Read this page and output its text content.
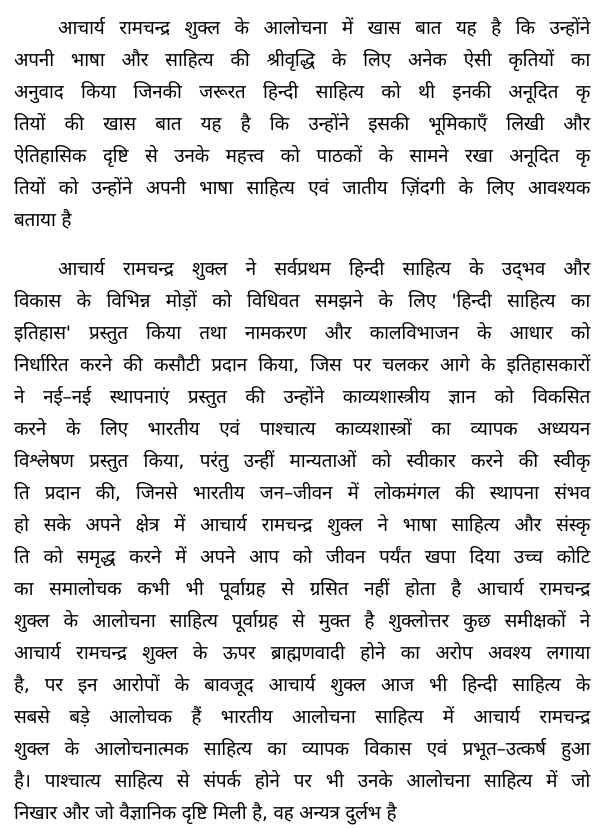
आचार्य रामचन्द्र शुक्ल के आलोचना में खास बात यह है कि उन्होंने
अपनी भाषा और साहित्य की श्रीवृद्धि के लिए अनेक ऐसी कृतियों का
अनुवाद किया जिनकी जरूरत हिन्दी साहित्य को थी इनकी अनूदित कृ
तियों की खास बात यह है कि उन्होंने इसकी भूमिकाएँ लिखी और
ऐतिहासिक दृष्टि से उनके महत्त्व को पाठकों के सामने रखा अनूदित कृ
तियों को उन्होंने अपनी भाषा साहित्य एवं जातीय ज़िंदगी के लिए आवश्यक
बताया है
आचार्य रामचन्द्र शुक्ल ने सर्वप्रथम हिन्दी साहित्य के उद्‌भव और
विकास के विभिन्न मोड़ों को विधिवत समझने के लिए 'हिन्दी साहित्य का
इतिहास' प्रस्तुत किया तथा नामकरण और कालविभाजन के आधार को
निर्धारित करने की कसौटी प्रदान किया, जिस पर चलकर आगे के इतिहासकारों
ने नई–नई स्थापनाएं प्रस्तुत की उन्होंने काव्यशास्त्रीय ज्ञान को विकसित
करने के लिए भारतीय एवं पाश्चात्य काव्यशास्त्रों का व्यापक अध्ययन
विश्लेषण प्रस्तुत किया, परंतु उन्हीं मान्यताओं को स्वीकार करने की स्वीकृ
ति प्रदान की, जिनसे भारतीय जन–जीवन में लोकमंगल की स्थापना संभव
हो सके अपने क्षेत्र में आचार्य रामचन्द्र शुक्ल ने भाषा साहित्य और संस्कृ
ति को समृद्ध करने में अपने आप को जीवन पर्यंत खपा दिया उच्च कोटि
का समालोचक कभी भी पूर्वाग्रह से ग्रसित नहीं होता है आचार्य रामचन्द्र
शुक्ल के आलोचना साहित्य पूर्वाग्रह से मुक्त है शुक्लोत्तर कुछ समीक्षकों ने
आचार्य रामचन्द्र शुक्ल के ऊपर ब्राह्मणवादी होने का अरोप अवश्य लगाया
है, पर इन आरोपों के बावजूद आचार्य शुक्ल आज भी हिन्दी साहित्य के
सबसे बड़े आलोचक हैं भारतीय आलोचना साहित्य में आचार्य रामचन्द्र
शुक्ल के आलोचनात्मक साहित्य का व्यापक विकास एवं प्रभूत–उत्कर्ष हुआ
है। पाश्चात्य साहित्य से संपर्क होने पर भी उनके आलोचना साहित्य में जो
निखार और जो वैज्ञानिक दृष्टि मिली है, वह अन्यत्र दुर्लभ है
